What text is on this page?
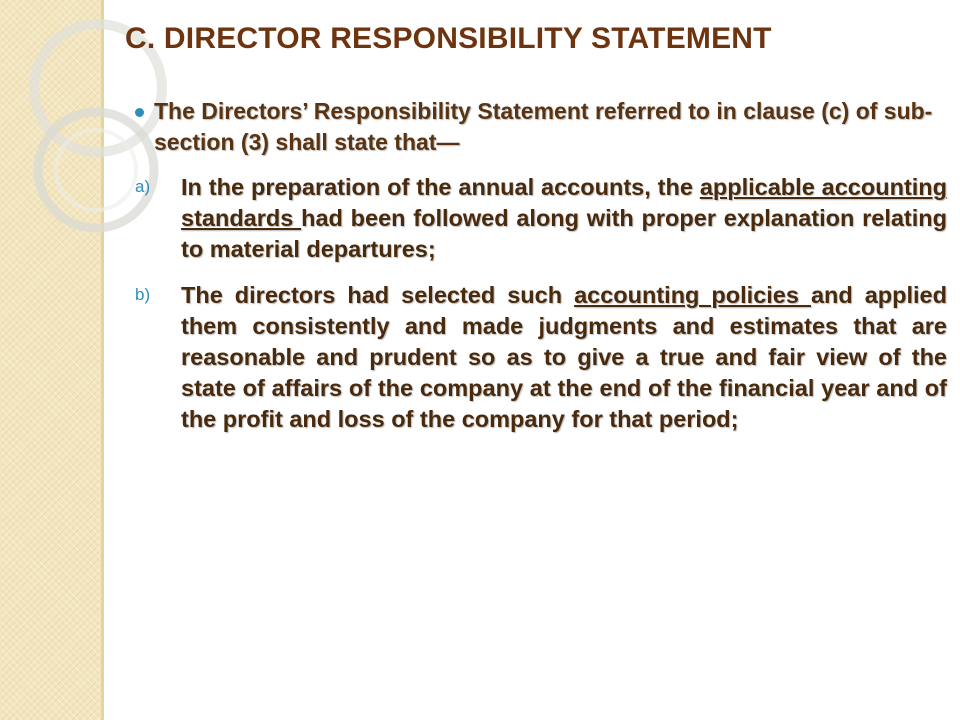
C. DIRECTOR RESPONSIBILITY STATEMENT

The Directors’ Responsibility Statement referred to in clause (c) of sub-section (3) shall state that—

a)	In the preparation of the annual accounts, the applicable accounting standards had been followed along with proper explanation relating to material departures;

b)	The directors had selected such accounting policies and applied them consistently and made judgments and estimates that are reasonable and prudent so as to give a true and fair view of the state of affairs of the company at the end of the financial year and of the profit and loss of the company for that period;
